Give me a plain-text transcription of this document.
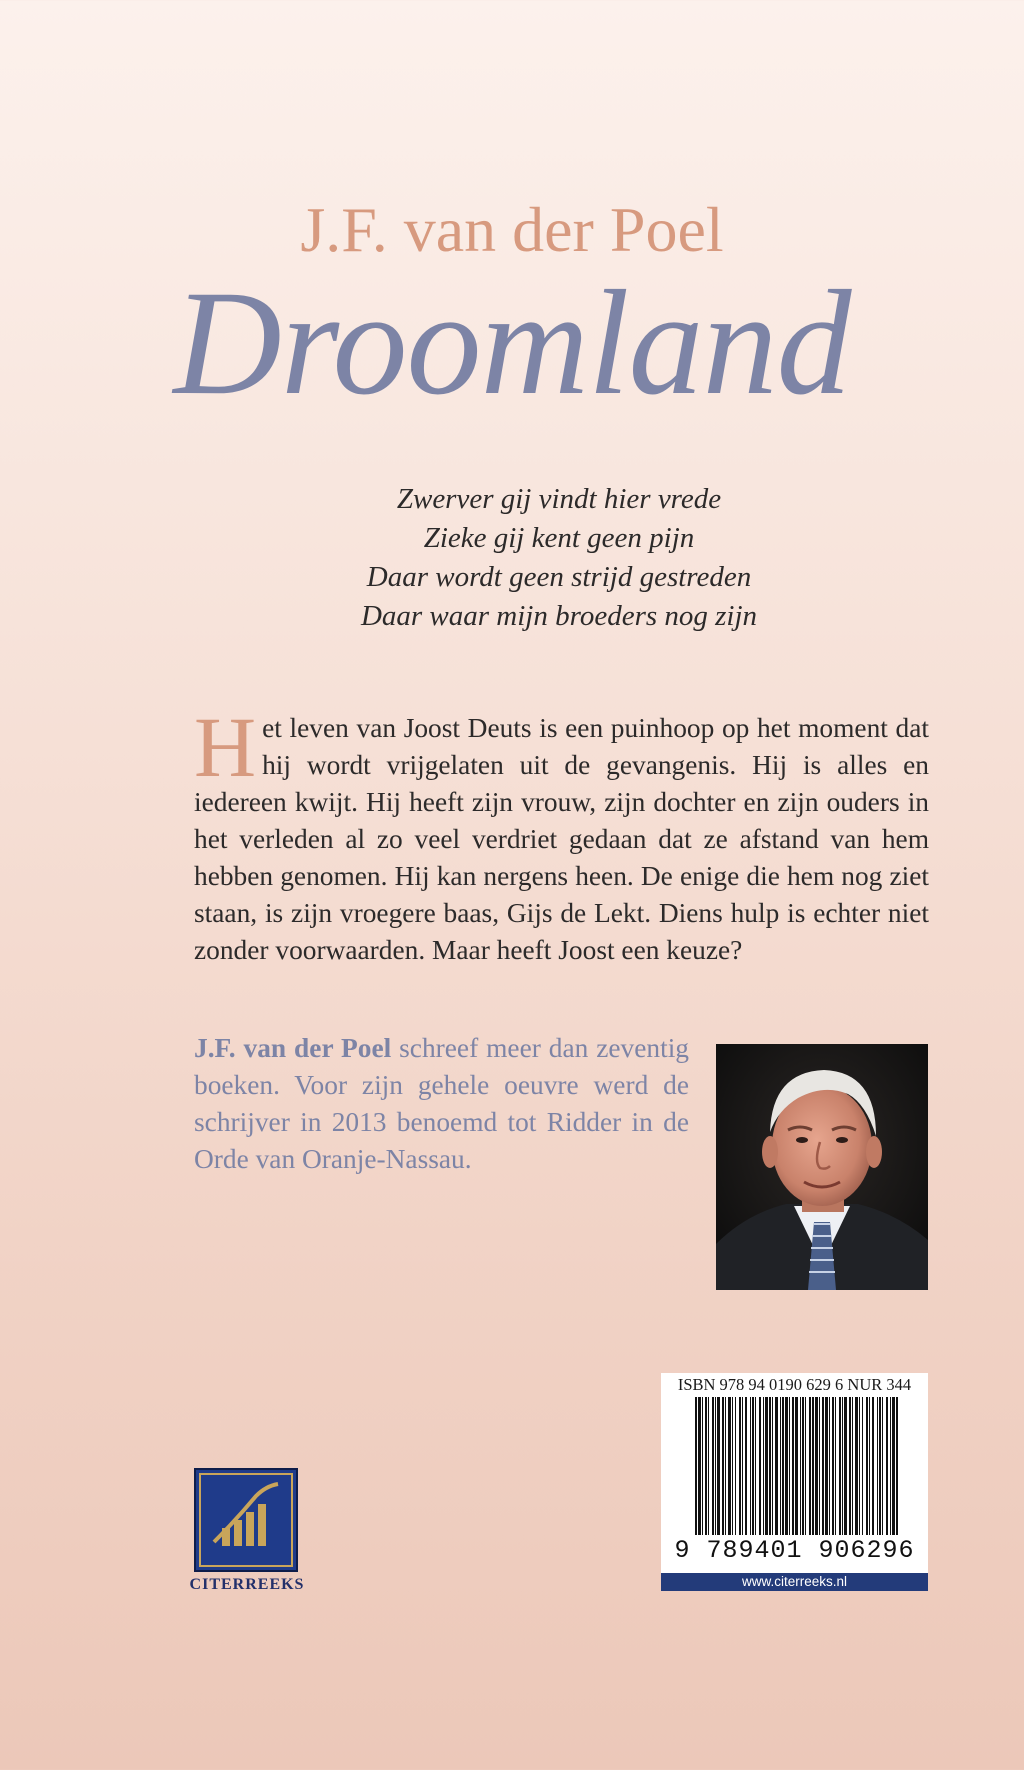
J.F. van der Poel
Droomland
Zwerver gij vindt hier vrede
Zieke gij kent geen pijn
Daar wordt geen strijd gestreden
Daar waar mijn broeders nog zijn
Het leven van Joost Deuts is een puinhoop op het moment dat hij wordt vrijgelaten uit de gevangenis. Hij is alles en iedereen kwijt. Hij heeft zijn vrouw, zijn dochter en zijn ouders in het verleden al zo veel verdriet gedaan dat ze afstand van hem hebben genomen. Hij kan nergens heen. De enige die hem nog ziet staan, is zijn vroegere baas, Gijs de Lekt. Diens hulp is echter niet zonder voorwaarden. Maar heeft Joost een keuze?
J.F. van der Poel schreef meer dan zeventig boeken. Voor zijn gehele oeuvre werd de schrijver in 2013 benoemd tot Ridder in de Orde van Oranje-Nassau.
ISBN 978 94 0190 629 6 NUR 344
9 789401 906296
www.citerreeks.nl
CITERREEKS
